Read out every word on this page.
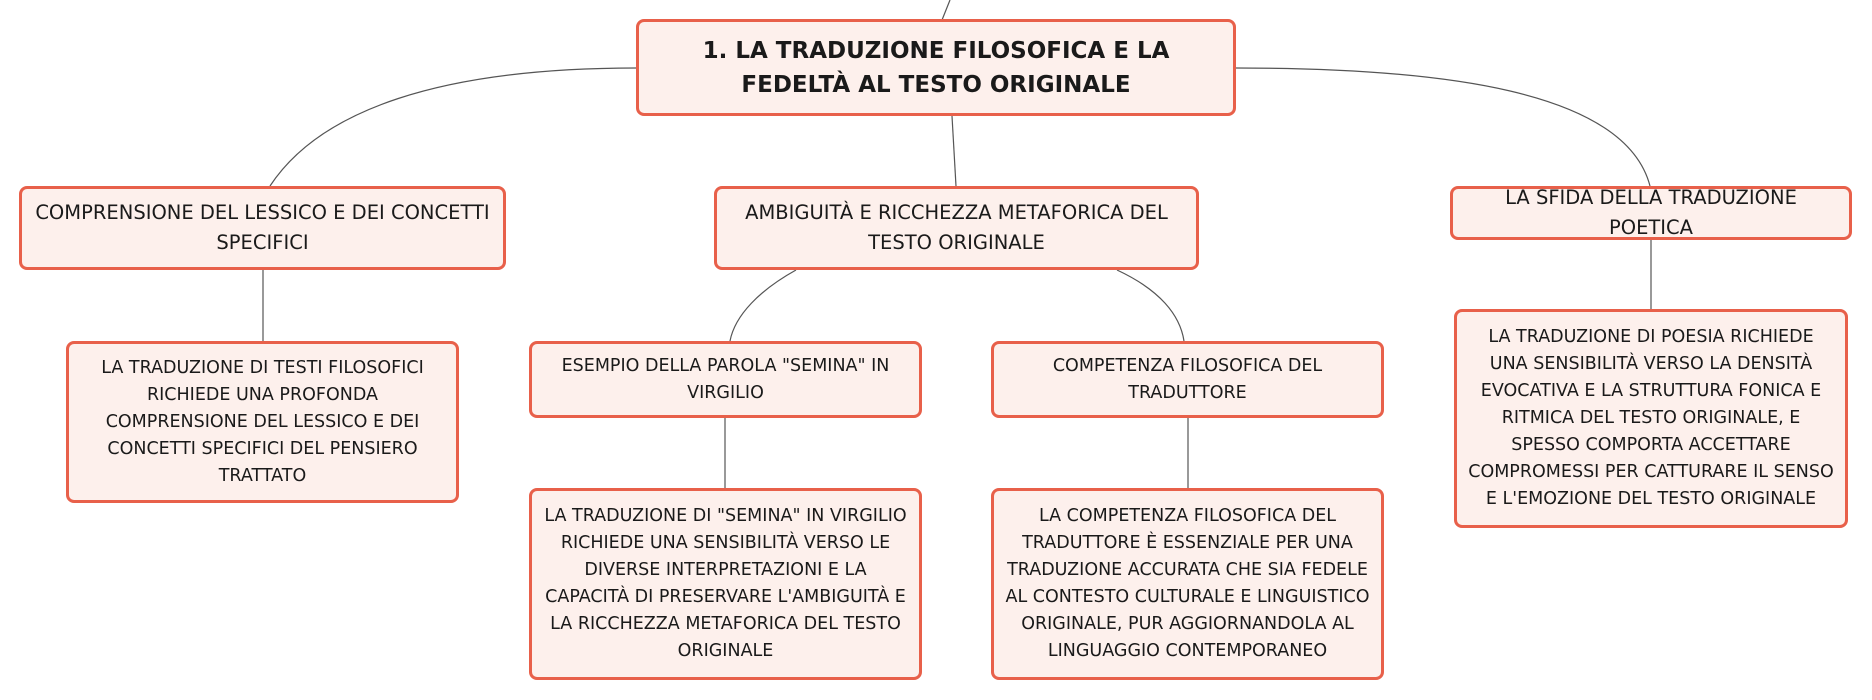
1. LA TRADUZIONE FILOSOFICA E LA FEDELTÀ AL TESTO ORIGINALE
COMPRENSIONE DEL LESSICO E DEI CONCETTI SPECIFICI
AMBIGUITÀ E RICCHEZZA METAFORICA DEL TESTO ORIGINALE
LA SFIDA DELLA TRADUZIONE POETICA
LA TRADUZIONE DI TESTI FILOSOFICI RICHIEDE UNA PROFONDA COMPRENSIONE DEL LESSICO E DEI CONCETTI SPECIFICI DEL PENSIERO TRATTATO
ESEMPIO DELLA PAROLA "SEMINA" IN VIRGILIO
COMPETENZA FILOSOFICA DEL TRADUTTORE
LA TRADUZIONE DI "SEMINA" IN VIRGILIO RICHIEDE UNA SENSIBILITÀ VERSO LE DIVERSE INTERPRETAZIONI E LA CAPACITÀ DI PRESERVARE L'AMBIGUITÀ E LA RICCHEZZA METAFORICA DEL TESTO ORIGINALE
LA COMPETENZA FILOSOFICA DEL TRADUTTORE È ESSENZIALE PER UNA TRADUZIONE ACCURATA CHE SIA FEDELE AL CONTESTO CULTURALE E LINGUISTICO ORIGINALE, PUR AGGIORNANDOLA AL LINGUAGGIO CONTEMPORANEO
LA TRADUZIONE DI POESIA RICHIEDE UNA SENSIBILITÀ VERSO LA DENSITÀ EVOCATIVA E LA STRUTTURA FONICA E RITMICA DEL TESTO ORIGINALE, E SPESSO COMPORTA ACCETTARE COMPROMESSI PER CATTURARE IL SENSO E L'EMOZIONE DEL TESTO ORIGINALE
